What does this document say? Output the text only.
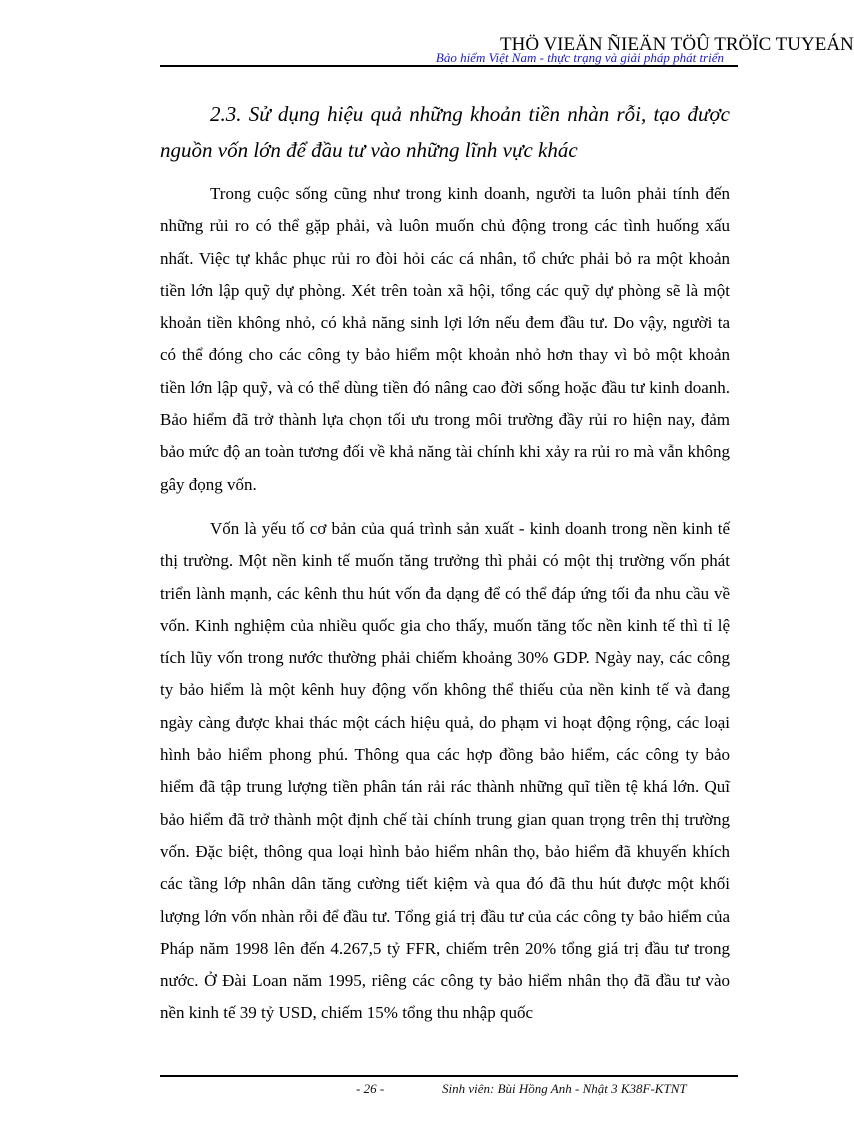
THÖ VIEÄN ÑIEÄN TÖÛ TRÖÏC TUYEÁN
Bảo hiểm Việt Nam - thực trạng và giải pháp phát triển
2.3. Sử dụng hiệu quả những khoản tiền nhàn rỗi, tạo được nguồn vốn lớn để đầu tư vào những lĩnh vực khác

Trong cuộc sống cũng như trong kinh doanh, người ta luôn phải tính đến những rủi ro có thể gặp phải, và luôn muốn chủ động trong các tình huống xấu nhất. Việc tự khắc phục rủi ro đòi hỏi các cá nhân, tổ chức phải bỏ ra một khoản tiền lớn lập quỹ dự phòng. Xét trên toàn xã hội, tổng các quỹ dự phòng sẽ là một khoản tiền không nhỏ, có khả năng sinh lợi lớn nếu đem đầu tư. Do vậy, người ta có thể đóng cho các công ty bảo hiểm một khoản nhỏ hơn thay vì bỏ một khoản tiền lớn lập quỹ, và có thể dùng tiền đó nâng cao đời sống hoặc đầu tư kinh doanh. Bảo hiểm đã trở thành lựa chọn tối ưu trong môi trường đầy rủi ro hiện nay, đảm bảo mức độ an toàn tương đối về khả năng tài chính khi xảy ra rủi ro mà vẫn không gây đọng vốn.

Vốn là yếu tố cơ bản của quá trình sản xuất - kinh doanh trong nền kinh tế thị trường. Một nền kinh tế muốn tăng trưởng thì phải có một thị trường vốn phát triển lành mạnh, các kênh thu hút vốn đa dạng để có thể đáp ứng tối đa nhu cầu về vốn. Kinh nghiệm của nhiều quốc gia cho thấy, muốn tăng tốc nền kinh tế thì tỉ lệ tích lũy vốn trong nước thường phải chiếm khoảng 30% GDP. Ngày nay, các công ty bảo hiểm là một kênh huy động vốn không thể thiếu của nền kinh tế và đang ngày càng được khai thác một cách hiệu quả, do phạm vi hoạt động rộng, các loại hình bảo hiểm phong phú. Thông qua các hợp đồng bảo hiểm, các công ty bảo hiểm đã tập trung lượng tiền phân tán rải rác thành những quĩ tiền tệ khá lớn. Quĩ bảo hiểm đã trở thành một định chế tài chính trung gian quan trọng trên thị trường vốn. Đặc biệt, thông qua loại hình bảo hiểm nhân thọ, bảo hiểm đã khuyến khích các tầng lớp nhân dân tăng cường tiết kiệm và qua đó đã thu hút được một khối lượng lớn vốn nhàn rỗi để đầu tư. Tổng giá trị đầu tư của các công ty bảo hiểm của Pháp năm 1998 lên đến 4.267,5 tỷ FFR, chiếm trên 20% tổng giá trị đầu tư trong nước. Ở Đài Loan năm 1995, riêng các công ty bảo hiểm nhân thọ đã đầu tư vào nền kinh tế 39 tỷ USD, chiếm 15% tổng thu nhập quốc

- 26 -	Sinh viên: Bùi Hồng Anh - Nhật 3 K38F-KTNT
